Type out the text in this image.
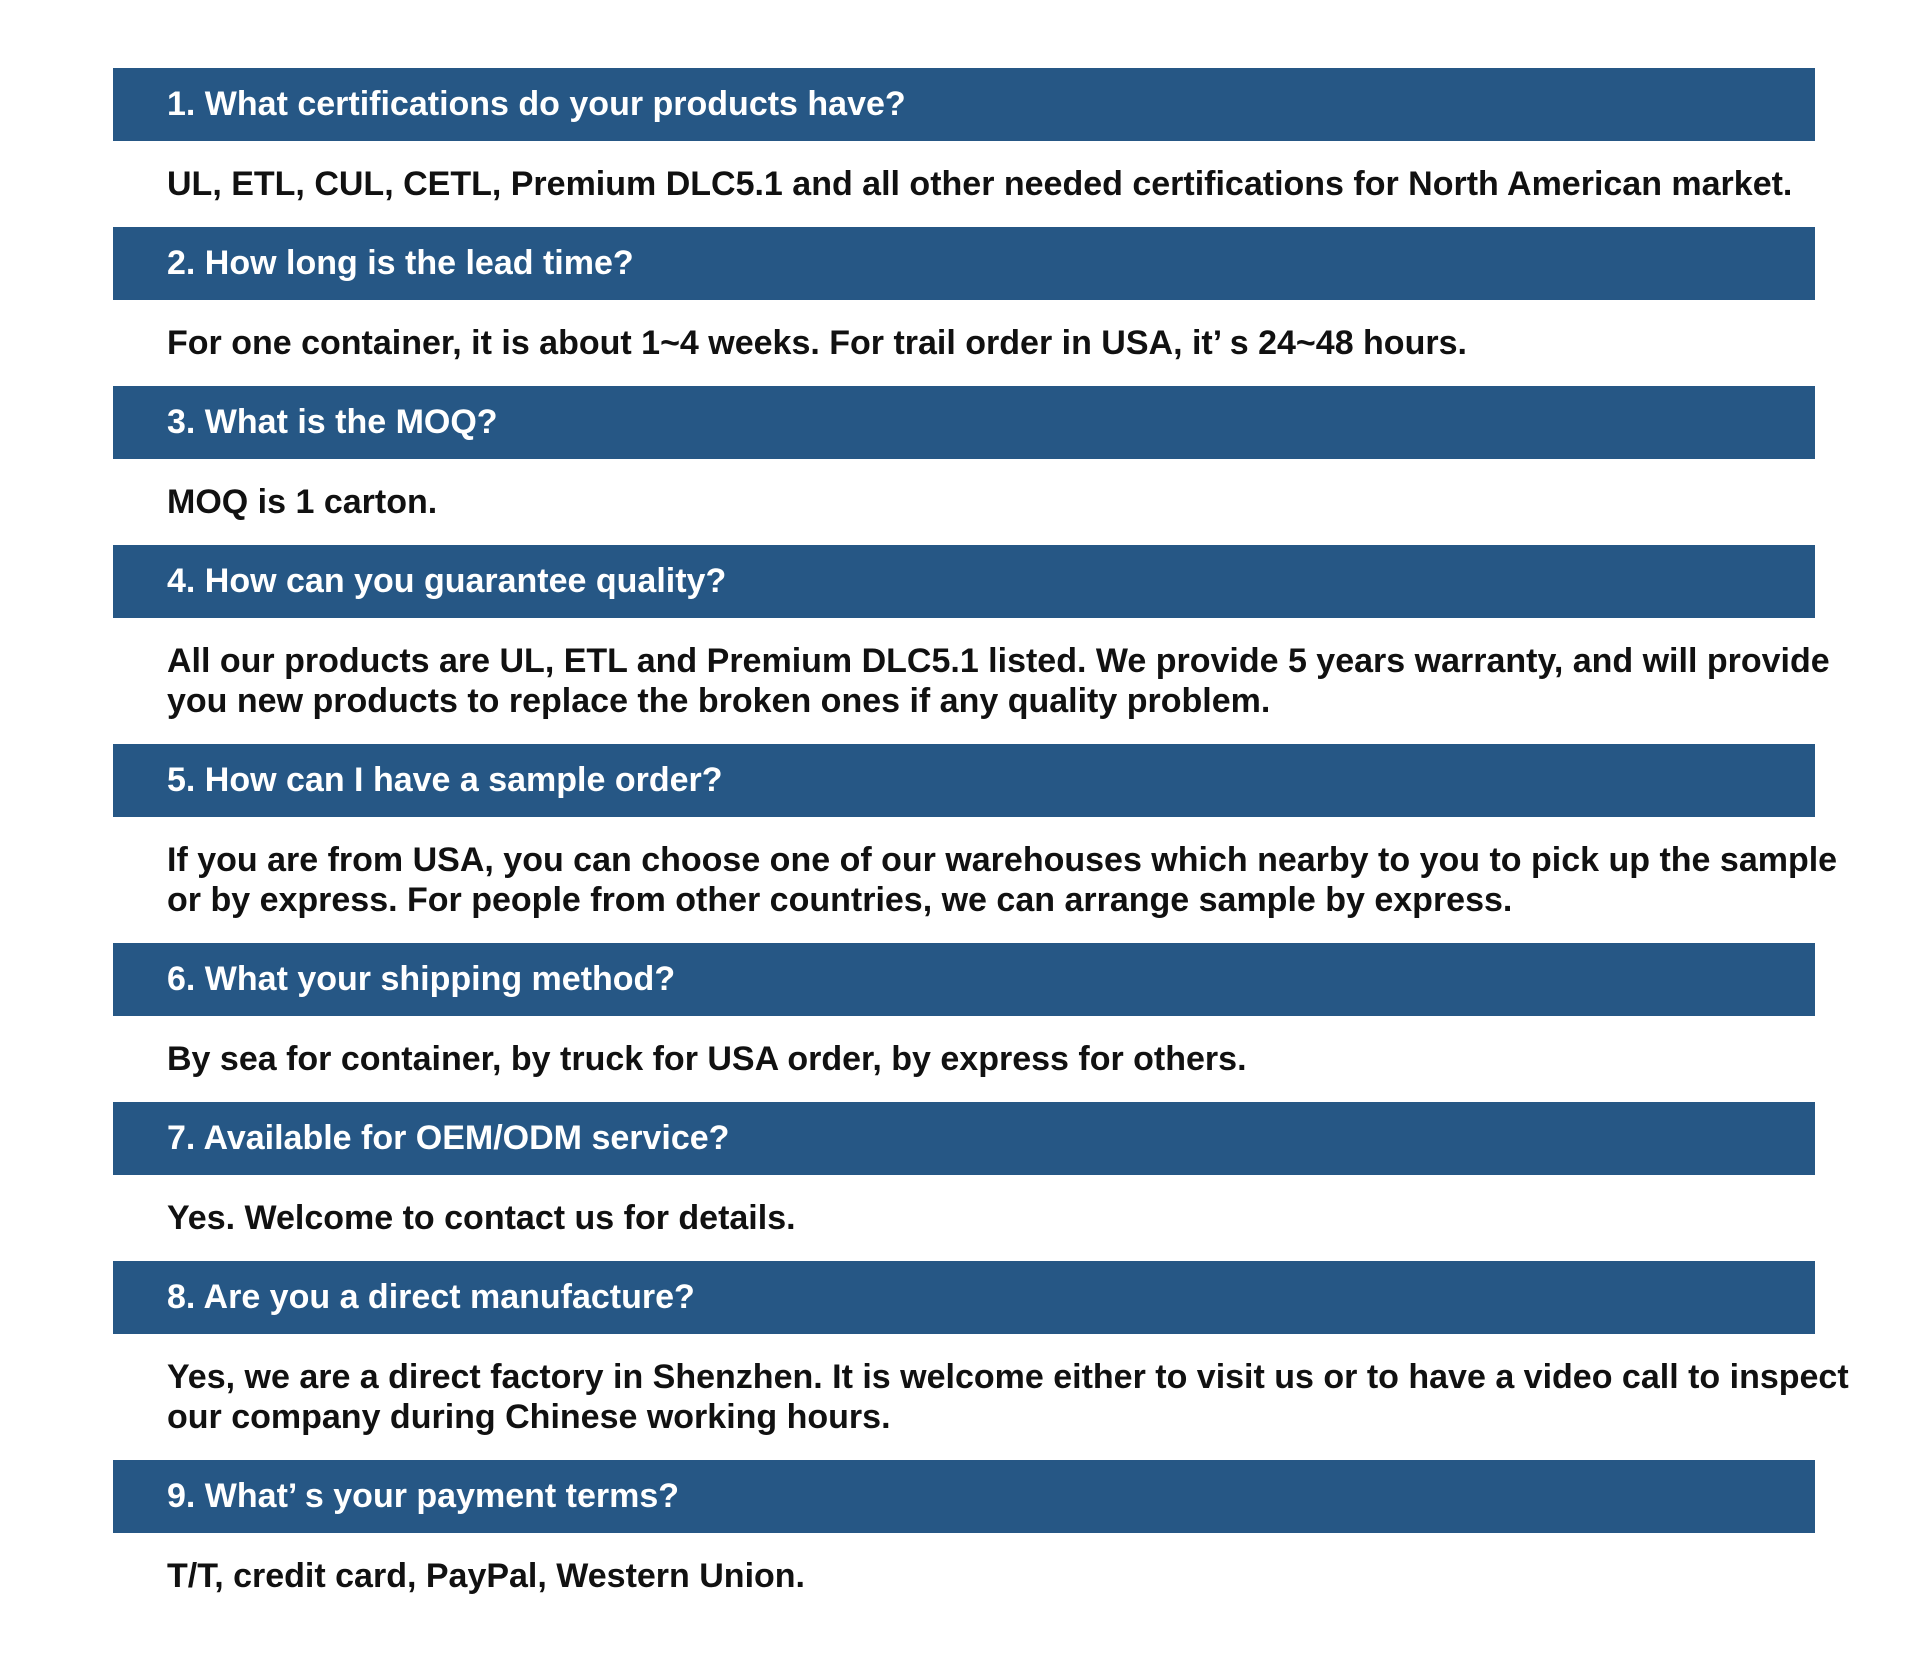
1. What certifications do your products have?
UL, ETL, CUL, CETL, Premium DLC5.1 and all other needed certifications for North American market.
2. How long is the lead time?
For one container, it is about 1~4 weeks. For trail order in USA, it’ s 24~48 hours.
3. What is the MOQ?
MOQ is 1 carton.
4. How can you guarantee quality?
All our products are UL, ETL and Premium DLC5.1 listed. We provide 5 years warranty, and will provide
you new products to replace the broken ones if any quality problem.
5. How can I have a sample order?
If you are from USA, you can choose one of our warehouses which nearby to you to pick up the sample
or by express. For people from other countries, we can arrange sample by express.
6. What your shipping method?
By sea for container, by truck for USA order, by express for others.
7. Available for OEM/ODM service?
Yes. Welcome to contact us for details.
8. Are you a direct manufacture?
Yes, we are a direct factory in Shenzhen. It is welcome either to visit us or to have a video call to inspect
our company during Chinese working hours.
9. What’ s your payment terms?
T/T, credit card, PayPal, Western Union.
